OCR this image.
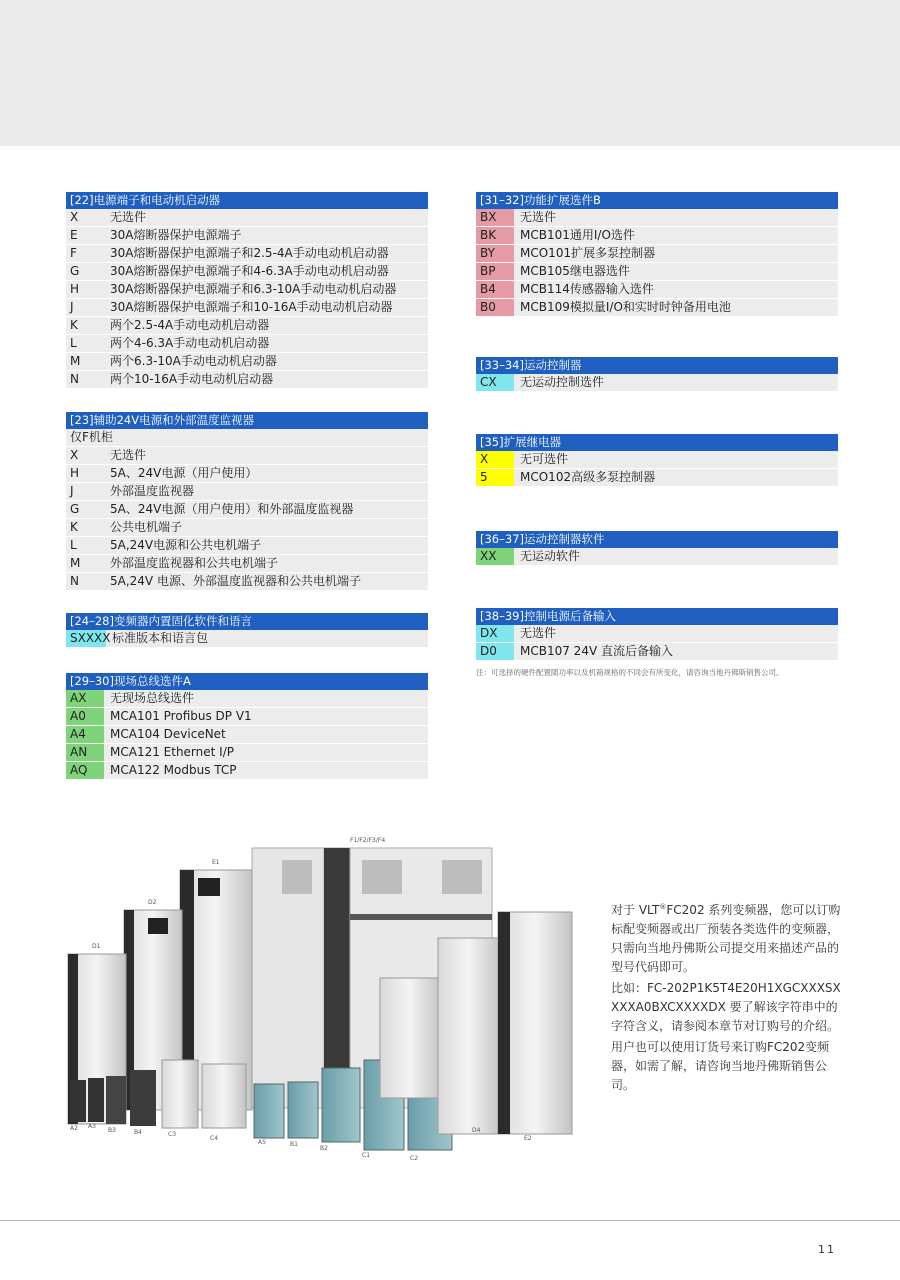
[22]电源端子和电动机启动器
X	无选件
E	30A熔断器保护电源端子
F	30A熔断器保护电源端子和2.5-4A手动电动机启动器
G	30A熔断器保护电源端子和4-6.3A手动电动机启动器
H	30A熔断器保护电源端子和6.3-10A手动电动机启动器
J	30A熔断器保护电源端子和10-16A手动电动机启动器
K	两个2.5-4A手动电动机启动器
L	两个4-6.3A手动电动机启动器
M	两个6.3-10A手动电动机启动器
N	两个10-16A手动电动机启动器
[23]辅助24V电源和外部温度监视器
仅F机柜
X	无选件
H	5A、24V电源（用户使用）
J	外部温度监视器
G	5A、24V电源（用户使用）和外部温度监视器
K	公共电机端子
L	5A,24V电源和公共电机端子
M	外部温度监视器和公共电机端子
N	5A,24V 电源、外部温度监视器和公共电机端子
[24–28]变频器内置固化软件和语言
SXXXX 标准版本和语言包
[29–30]现场总线选件A
AX	无现场总线选件
A0	MCA101 Profibus DP V1
A4	MCA104 DeviceNet
AN	MCA121 Ethernet I/P
AQ	MCA122 Modbus TCP
[31–32]功能扩展选件B
BX	无选件
BK	MCB101通用I/O选件
BY	MCO101扩展多泵控制器
BP	MCB105继电器选件
B4	MCB114传感器输入选件
B0	MCB109模拟量I/O和实时时钟备用电池
[33–34]运动控制器
CX	无运动控制选件
[35]扩展继电器
X	无可选件
5	MCO102高级多泵控制器
[36–37]运动控制器软件
XX	无运动软件
[38–39]控制电源后备输入
DX	无选件
D0	MCB107 24V 直流后备输入
注：可选择的硬件配置随功率以及机箱规格的不同会有所变化，请咨询当地丹佛斯销售公司。
F1/F2/F3/F4
E1
D2
D1
A2 A3
B3	B4	C3
C4
A5	B1
B2
C1	C2
D4
E2

对于 VLT®FC202 系列变频器，您可以订购标配变频器或出厂预装各类选件的变频器，只需向当地丹佛斯公司提交用来描述产品的型号代码即可。

比如：FC-202P1K5T4E20H1XGCXXXSXXXXA0BXCXXXXDX 要了解该字符串中的字符含义，请参阅本章节对订购号的介绍。

用户也可以使用订货号来订购FC202变频器，如需了解，请咨询当地丹佛斯销售公司。

11
